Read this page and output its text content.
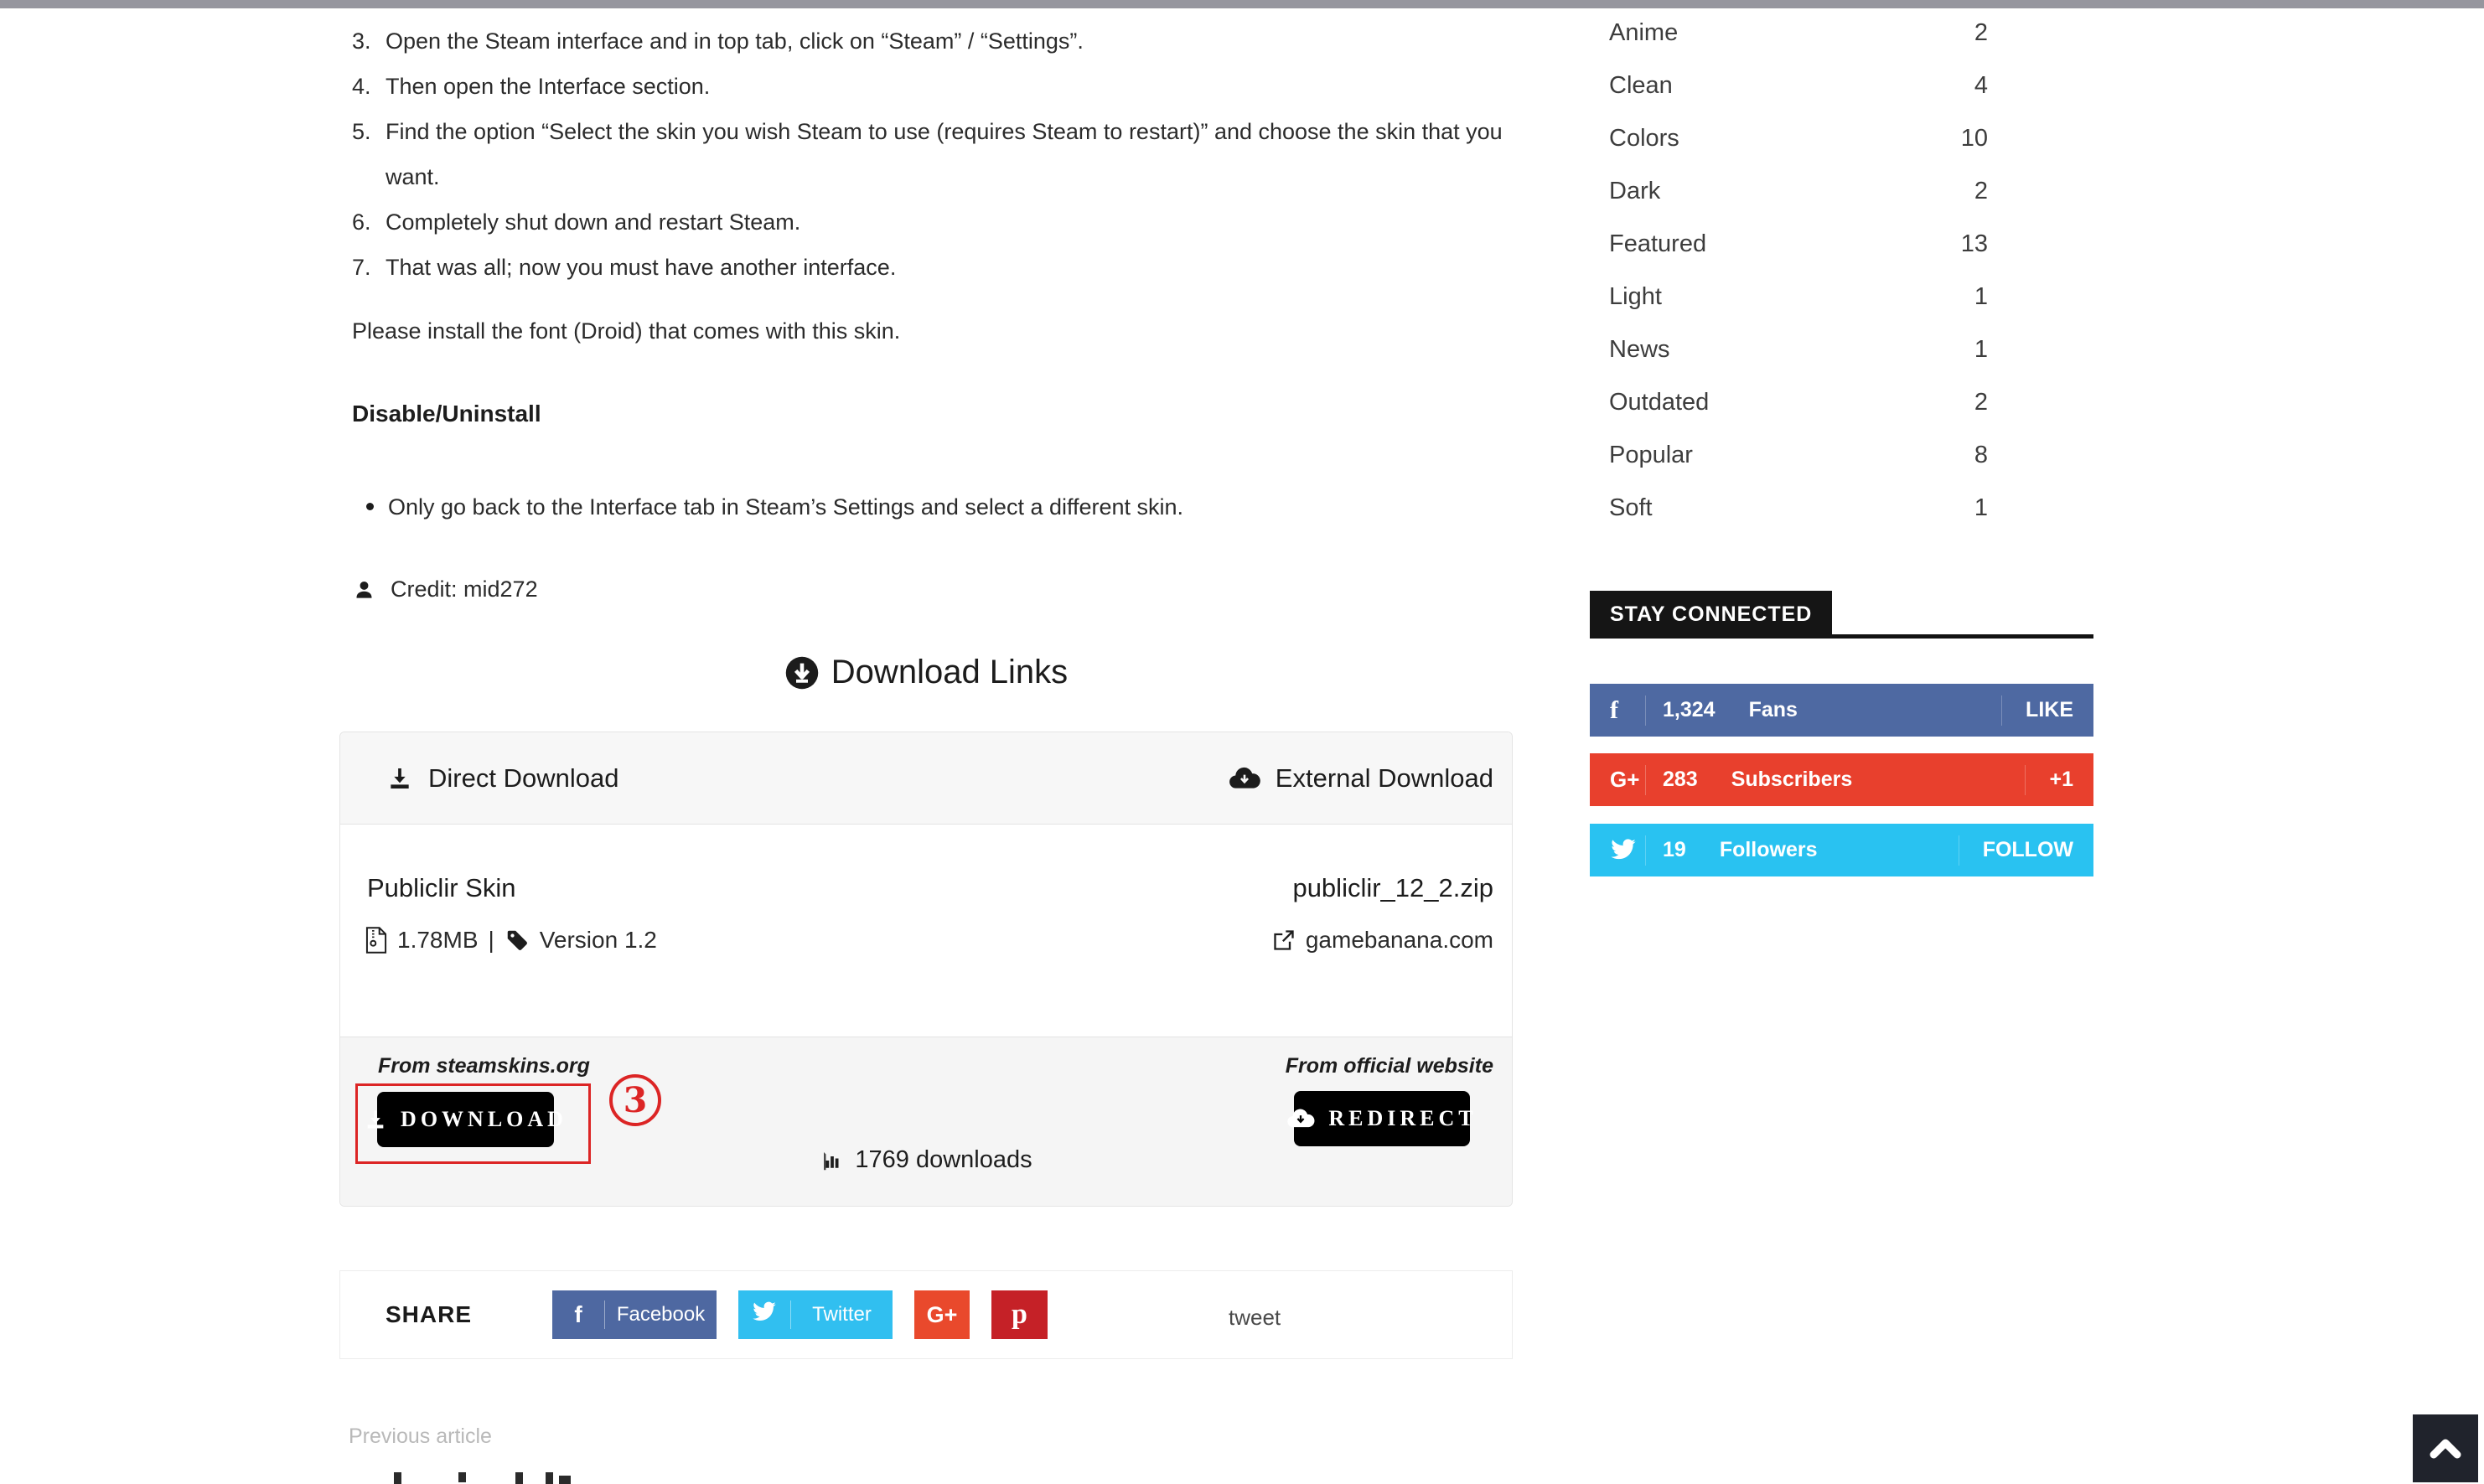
3. Open the Steam interface and in top tab, click on “Steam” / “Settings”.
4. Then open the Interface section.
5. Find the option “Select the skin you wish Steam to use (requires Steam to restart)” and choose the skin that you want.
6. Completely shut down and restart Steam.
7. That was all; now you must have another interface.

Please install the font (Droid) that comes with this skin.

Disable/Uninstall
Only go back to the Interface tab in Steam’s Settings and select a different skin.
Credit: mid272
Download Links
Direct Download	External Download
Publiclir Skin	publiclir_12_2.zip
1.78MB | Version 1.2	gamebanana.com
From steamskins.org	From official website
3
DOWNLOAD	REDIRECT
1769 downloads
SHARE	f	Facebook	Twitter	G+ p	tweet
Previous article
Anime	2
Clean	4
Colors	10
Dark	2
Featured	13
Light	1
News	1
Outdated	2
Popular	8
Soft	1
STAY CONNECTED
f	1,324 Fans	LIKE
G+ 283 Subscribers	+1
19 Followers	FOLLOW
